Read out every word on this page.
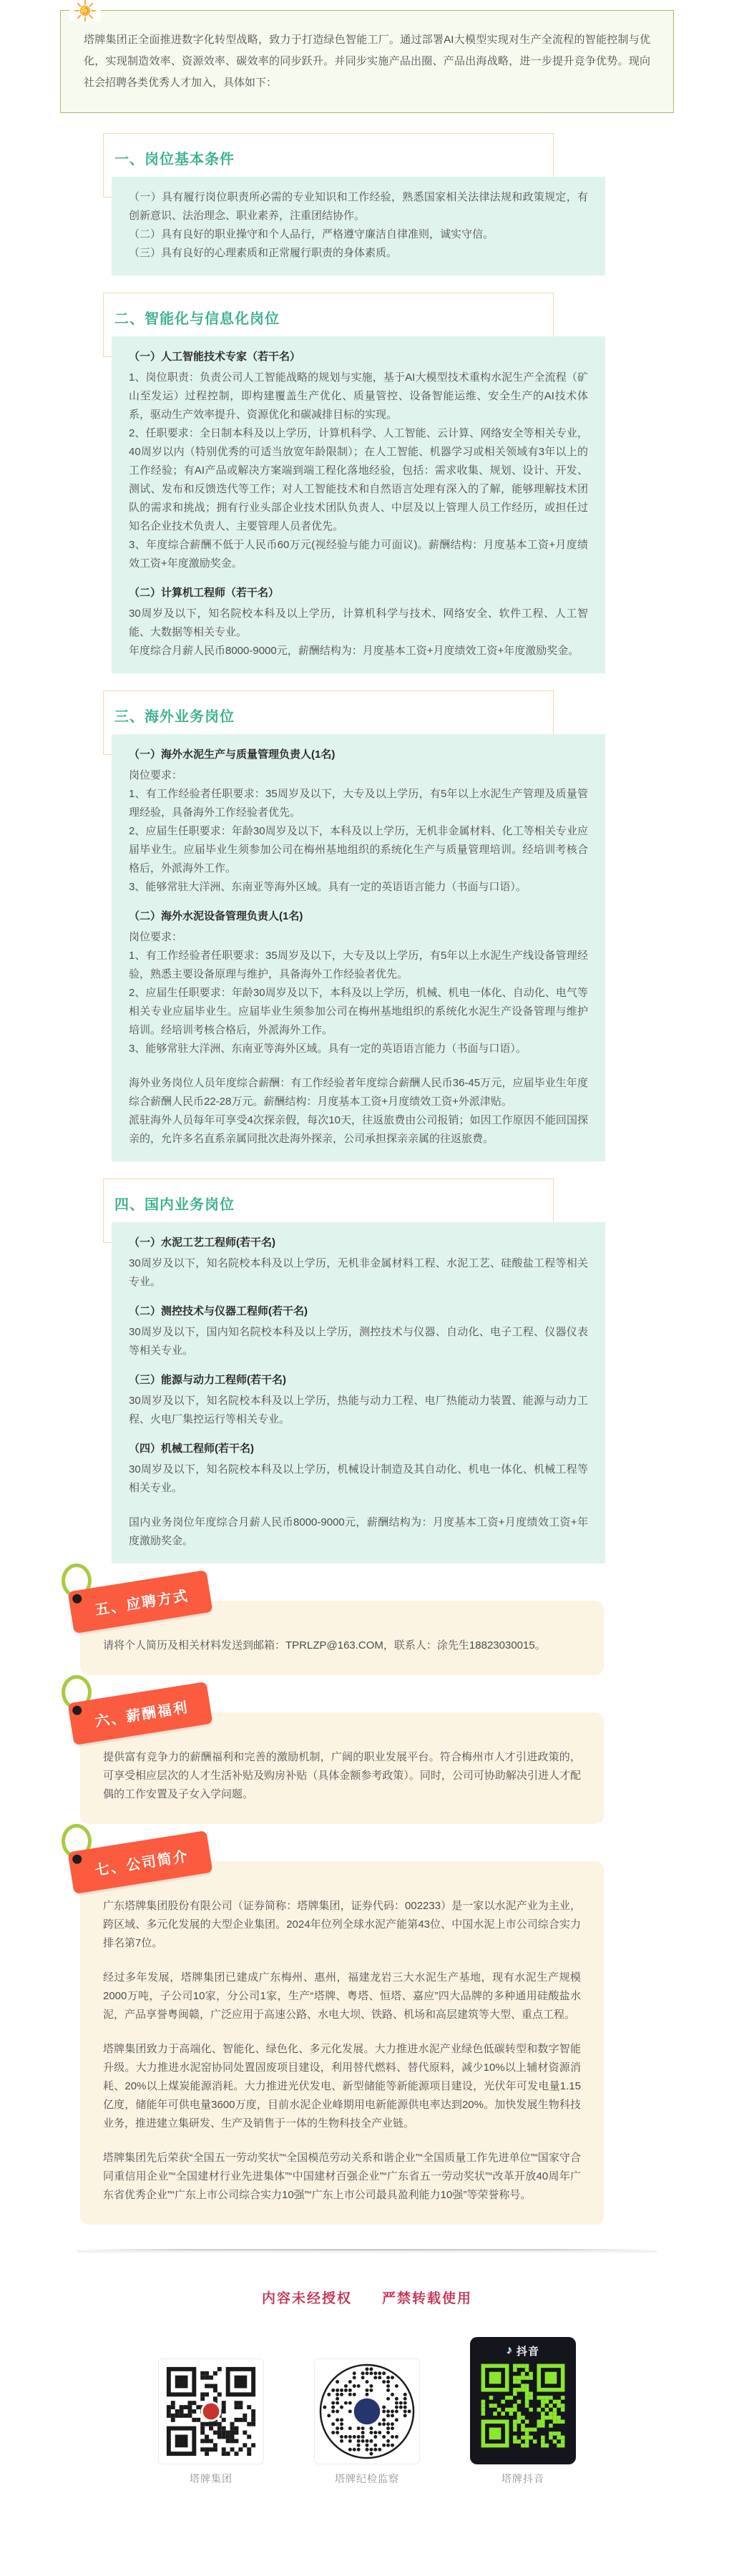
塔牌集团正全面推进数字化转型战略，致力于打造绿色智能工厂。通过部署AI大模型实现对生产全流程的智能控制与优化，实现制造效率、资源效率、碳效率的同步跃升。并同步实施产品出圈、产品出海战略，进一步提升竞争优势。现向社会招聘各类优秀人才加入，具体如下：

一、岗位基本条件

（一）具有履行岗位职责所必需的专业知识和工作经验，熟悉国家相关法律法规和政策规定，有创新意识、法治理念、职业素养，注重团结协作。

（二）具有良好的职业操守和个人品行，严格遵守廉洁自律准则，诚实守信。

（三）具有良好的心理素质和正常履行职责的身体素质。

二、智能化与信息化岗位

（一）人工智能技术专家（若干名）

1、岗位职责：负责公司人工智能战略的规划与实施，基于AI大模型技术重构水泥生产全流程（矿山至发运）过程控制，即构建覆盖生产优化、质量管控、设备智能运维、安全生产的AI技术体系，驱动生产效率提升、资源优化和碳减排目标的实现。

2、任职要求：全日制本科及以上学历，计算机科学、人工智能、云计算、网络安全等相关专业，40周岁以内（特别优秀的可适当放宽年龄限制）；在人工智能、机器学习或相关领域有3年以上的工作经验；有AI产品或解决方案端到端工程化落地经验，包括：需求收集、规划、设计、开发、测试、发布和反馈迭代等工作；对人工智能技术和自然语言处理有深入的了解，能够理解技术团队的需求和挑战；拥有行业头部企业技术团队负责人、中层及以上管理人员工作经历，或担任过知名企业技术负责人、主要管理人员者优先。

3、年度综合薪酬不低于人民币60万元(视经验与能力可面议)。薪酬结构：月度基本工资+月度绩效工资+年度激励奖金。

（二）计算机工程师（若干名）

30周岁及以下，知名院校本科及以上学历，计算机科学与技术、网络安全、软件工程、人工智能、大数据等相关专业。

年度综合月薪人民币8000-9000元，薪酬结构为：月度基本工资+月度绩效工资+年度激励奖金。

三、海外业务岗位

（一）海外水泥生产与质量管理负责人(1名)

岗位要求：

1、有工作经验者任职要求：35周岁及以下，大专及以上学历，有5年以上水泥生产管理及质量管理经验，具备海外工作经验者优先。

2、应届生任职要求：年龄30周岁及以下，本科及以上学历，无机非金属材料、化工等相关专业应届毕业生。应届毕业生须参加公司在梅州基地组织的系统化生产与质量管理培训。经培训考核合格后，外派海外工作。

3、能够常驻大洋洲、东南亚等海外区域。具有一定的英语语言能力（书面与口语）。

（二）海外水泥设备管理负责人(1名)

岗位要求：

1、有工作经验者任职要求：35周岁及以下，大专及以上学历，有5年以上水泥生产线设备管理经验，熟悉主要设备原理与维护，具备海外工作经验者优先。

2、应届生任职要求：年龄30周岁及以下，本科及以上学历，机械、机电一体化、自动化、电气等相关专业应届毕业生。应届毕业生须参加公司在梅州基地组织的系统化水泥生产设备管理与维护培训。经培训考核合格后，外派海外工作。

3、能够常驻大洋洲、东南亚等海外区域。具有一定的英语语言能力（书面与口语）。

海外业务岗位人员年度综合薪酬：有工作经验者年度综合薪酬人民币36-45万元，应届毕业生年度综合薪酬人民币22-28万元。薪酬结构：月度基本工资+月度绩效工资+外派津贴。

派驻海外人员每年可享受4次探亲假，每次10天，往返旅费由公司报销；如因工作原因不能回国探亲的，允许多名直系亲属同批次赴海外探亲，公司承担探亲亲属的往返旅费。

四、国内业务岗位

（一）水泥工艺工程师(若干名)

30周岁及以下，知名院校本科及以上学历，无机非金属材料工程、水泥工艺、硅酸盐工程等相关专业。

（二）测控技术与仪器工程师(若干名)

30周岁及以下，国内知名院校本科及以上学历，测控技术与仪器、自动化、电子工程、仪器仪表等相关专业。

（三）能源与动力工程师(若干名)

30周岁及以下，知名院校本科及以上学历，热能与动力工程、电厂热能动力装置、能源与动力工程、火电厂集控运行等相关专业。

（四）机械工程师(若干名)

30周岁及以下，知名院校本科及以上学历，机械设计制造及其自动化、机电一体化、机械工程等相关专业。

国内业务岗位年度综合月薪人民币8000-9000元，薪酬结构为：月度基本工资+月度绩效工资+年度激励奖金。

五、应聘方式

请将个人简历及相关材料发送到邮箱：TPRLZP@163.COM，联系人：涂先生18823030015。

六、薪酬福利

提供富有竞争力的薪酬福利和完善的激励机制，广阔的职业发展平台。符合梅州市人才引进政策的，可享受相应层次的人才生活补贴及购房补贴（具体金额参考政策）。同时，公司可协助解决引进人才配偶的工作安置及子女入学问题。

七、公司简介

广东塔牌集团股份有限公司（证券简称：塔牌集团，证券代码：002233）是一家以水泥产业为主业，跨区域、多元化发展的大型企业集团。2024年位列全球水泥产能第43位、中国水泥上市公司综合实力排名第7位。

经过多年发展，塔牌集团已建成广东梅州、惠州，福建龙岩三大水泥生产基地，现有水泥生产规模2000万吨，子公司10家，分公司1家，生产“塔牌、粤塔、恒塔、嘉应”四大品牌的多种通用硅酸盐水泥，产品享誉粤闽赣，广泛应用于高速公路、水电大坝、铁路、机场和高层建筑等大型、重点工程。

塔牌集团致力于高端化、智能化、绿色化、多元化发展。大力推进水泥产业绿色低碳转型和数字智能升级。大力推进水泥窑协同处置固废项目建设，利用替代燃料、替代原料，减少10%以上辅材资源消耗、20%以上煤炭能源消耗。大力推进光伏发电、新型储能等新能源项目建设，光伏年可发电量1.15亿度，储能年可供电量3600万度，目前水泥企业峰期用电新能源供电率达到20%。加快发展生物科技业务，推进建立集研发、生产及销售于一体的生物科技全产业链。

塔牌集团先后荣获“全国五一劳动奖状”“全国模范劳动关系和谐企业”“全国质量工作先进单位”“国家守合同重信用企业”“全国建材行业先进集体”“中国建材百强企业”“广东省五一劳动奖状”“改革开放40周年广东省优秀企业”“广东上市公司综合实力10强”“广东上市公司最具盈利能力10强”等荣誉称号。

内容未经授权　　严禁转载使用

塔牌集团	塔牌纪检监察
♪ 抖音
塔牌抖音
